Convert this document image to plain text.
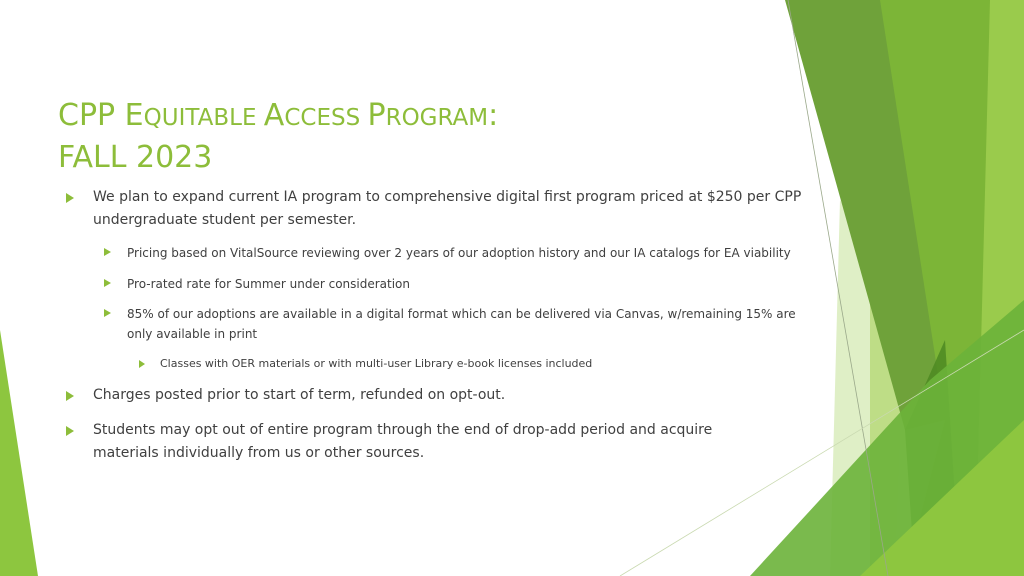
CPP EQUITABLE ACCESS PROGRAM:
FALL 2023
We plan to expand current IA program to comprehensive digital first program priced at $250 per CPP
undergraduate student per semester.
Pricing based on VitalSource reviewing over 2 years of our adoption history and our IA catalogs for EA viability
Pro-rated rate for Summer under consideration
85% of our adoptions are available in a digital format which can be delivered via Canvas, w/remaining 15% are
only available in print
Classes with OER materials or with multi-user Library e-book licenses included
Charges posted prior to start of term, refunded on opt-out.
Students may opt out of entire program through the end of drop-add period and acquire
materials individually from us or other sources.
